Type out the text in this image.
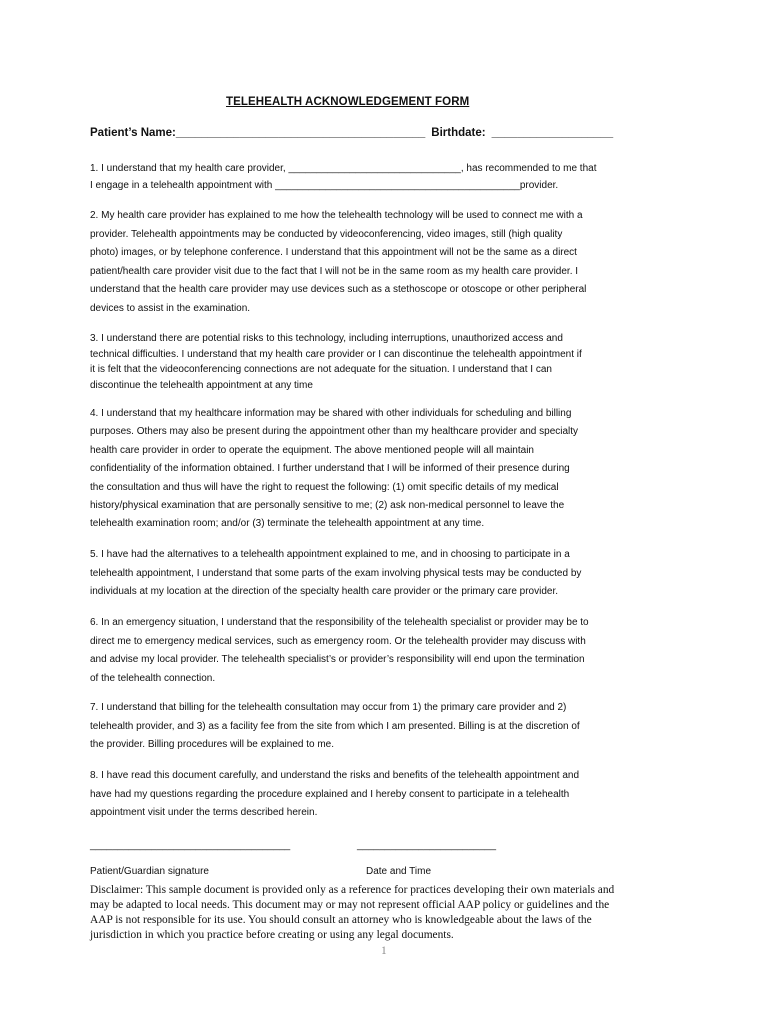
TELEHEALTH ACKNOWLEDGEMENT FORM
Patient’s Name:_______________________________________ Birthdate: ___________________
1. I understand that my health care provider, _______________________________, has recommended to me that
I engage in a telehealth appointment with ____________________________________________provider.
2. My health care provider has explained to me how the telehealth technology will be used to connect me with a
provider. Telehealth appointments may be conducted by videoconferencing, video images, still (high quality
photo) images, or by telephone conference. I understand that this appointment will not be the same as a direct
patient/health care provider visit due to the fact that I will not be in the same room as my health care provider. I
understand that the health care provider may use devices such as a stethoscope or otoscope or other peripheral
devices to assist in the examination.
3. I understand there are potential risks to this technology, including interruptions, unauthorized access and
technical difficulties. I understand that my health care provider or I can discontinue the telehealth appointment if
it is felt that the videoconferencing connections are not adequate for the situation. I understand that I can
discontinue the telehealth appointment at any time
4. I understand that my healthcare information may be shared with other individuals for scheduling and billing
purposes. Others may also be present during the appointment other than my healthcare provider and specialty
health care provider in order to operate the equipment. The above mentioned people will all maintain
confidentiality of the information obtained. I further understand that I will be informed of their presence during
the consultation and thus will have the right to request the following: (1) omit specific details of my medical
history/physical examination that are personally sensitive to me; (2) ask non-medical personnel to leave the
telehealth examination room; and/or (3) terminate the telehealth appointment at any time.
5. I have had the alternatives to a telehealth appointment explained to me, and in choosing to participate in a
telehealth appointment, I understand that some parts of the exam involving physical tests may be conducted by
individuals at my location at the direction of the specialty health care provider or the primary care provider.
6. In an emergency situation, I understand that the responsibility of the telehealth specialist or provider may be to
direct me to emergency medical services, such as emergency room. Or the telehealth provider may discuss with
and advise my local provider. The telehealth specialist’s or provider’s responsibility will end upon the termination
of the telehealth connection.
7. I understand that billing for the telehealth consultation may occur from 1) the primary care provider and 2)
telehealth provider, and 3) as a facility fee from the site from which I am presented. Billing is at the discretion of
the provider. Billing procedures will be explained to me.
8. I have read this document carefully, and understand the risks and benefits of the telehealth appointment and
have had my questions regarding the procedure explained and I hereby consent to participate in a telehealth
appointment visit under the terms described herein.
____________________________________	_________________________
Patient/Guardian signature	Date and Time
Disclaimer: This sample document is provided only as a reference for practices developing their own materials and
may be adapted to local needs. This document may or may not represent official AAP policy or guidelines and the
AAP is not responsible for its use. You should consult an attorney who is knowledgeable about the laws of the
jurisdiction in which you practice before creating or using any legal documents.
1
